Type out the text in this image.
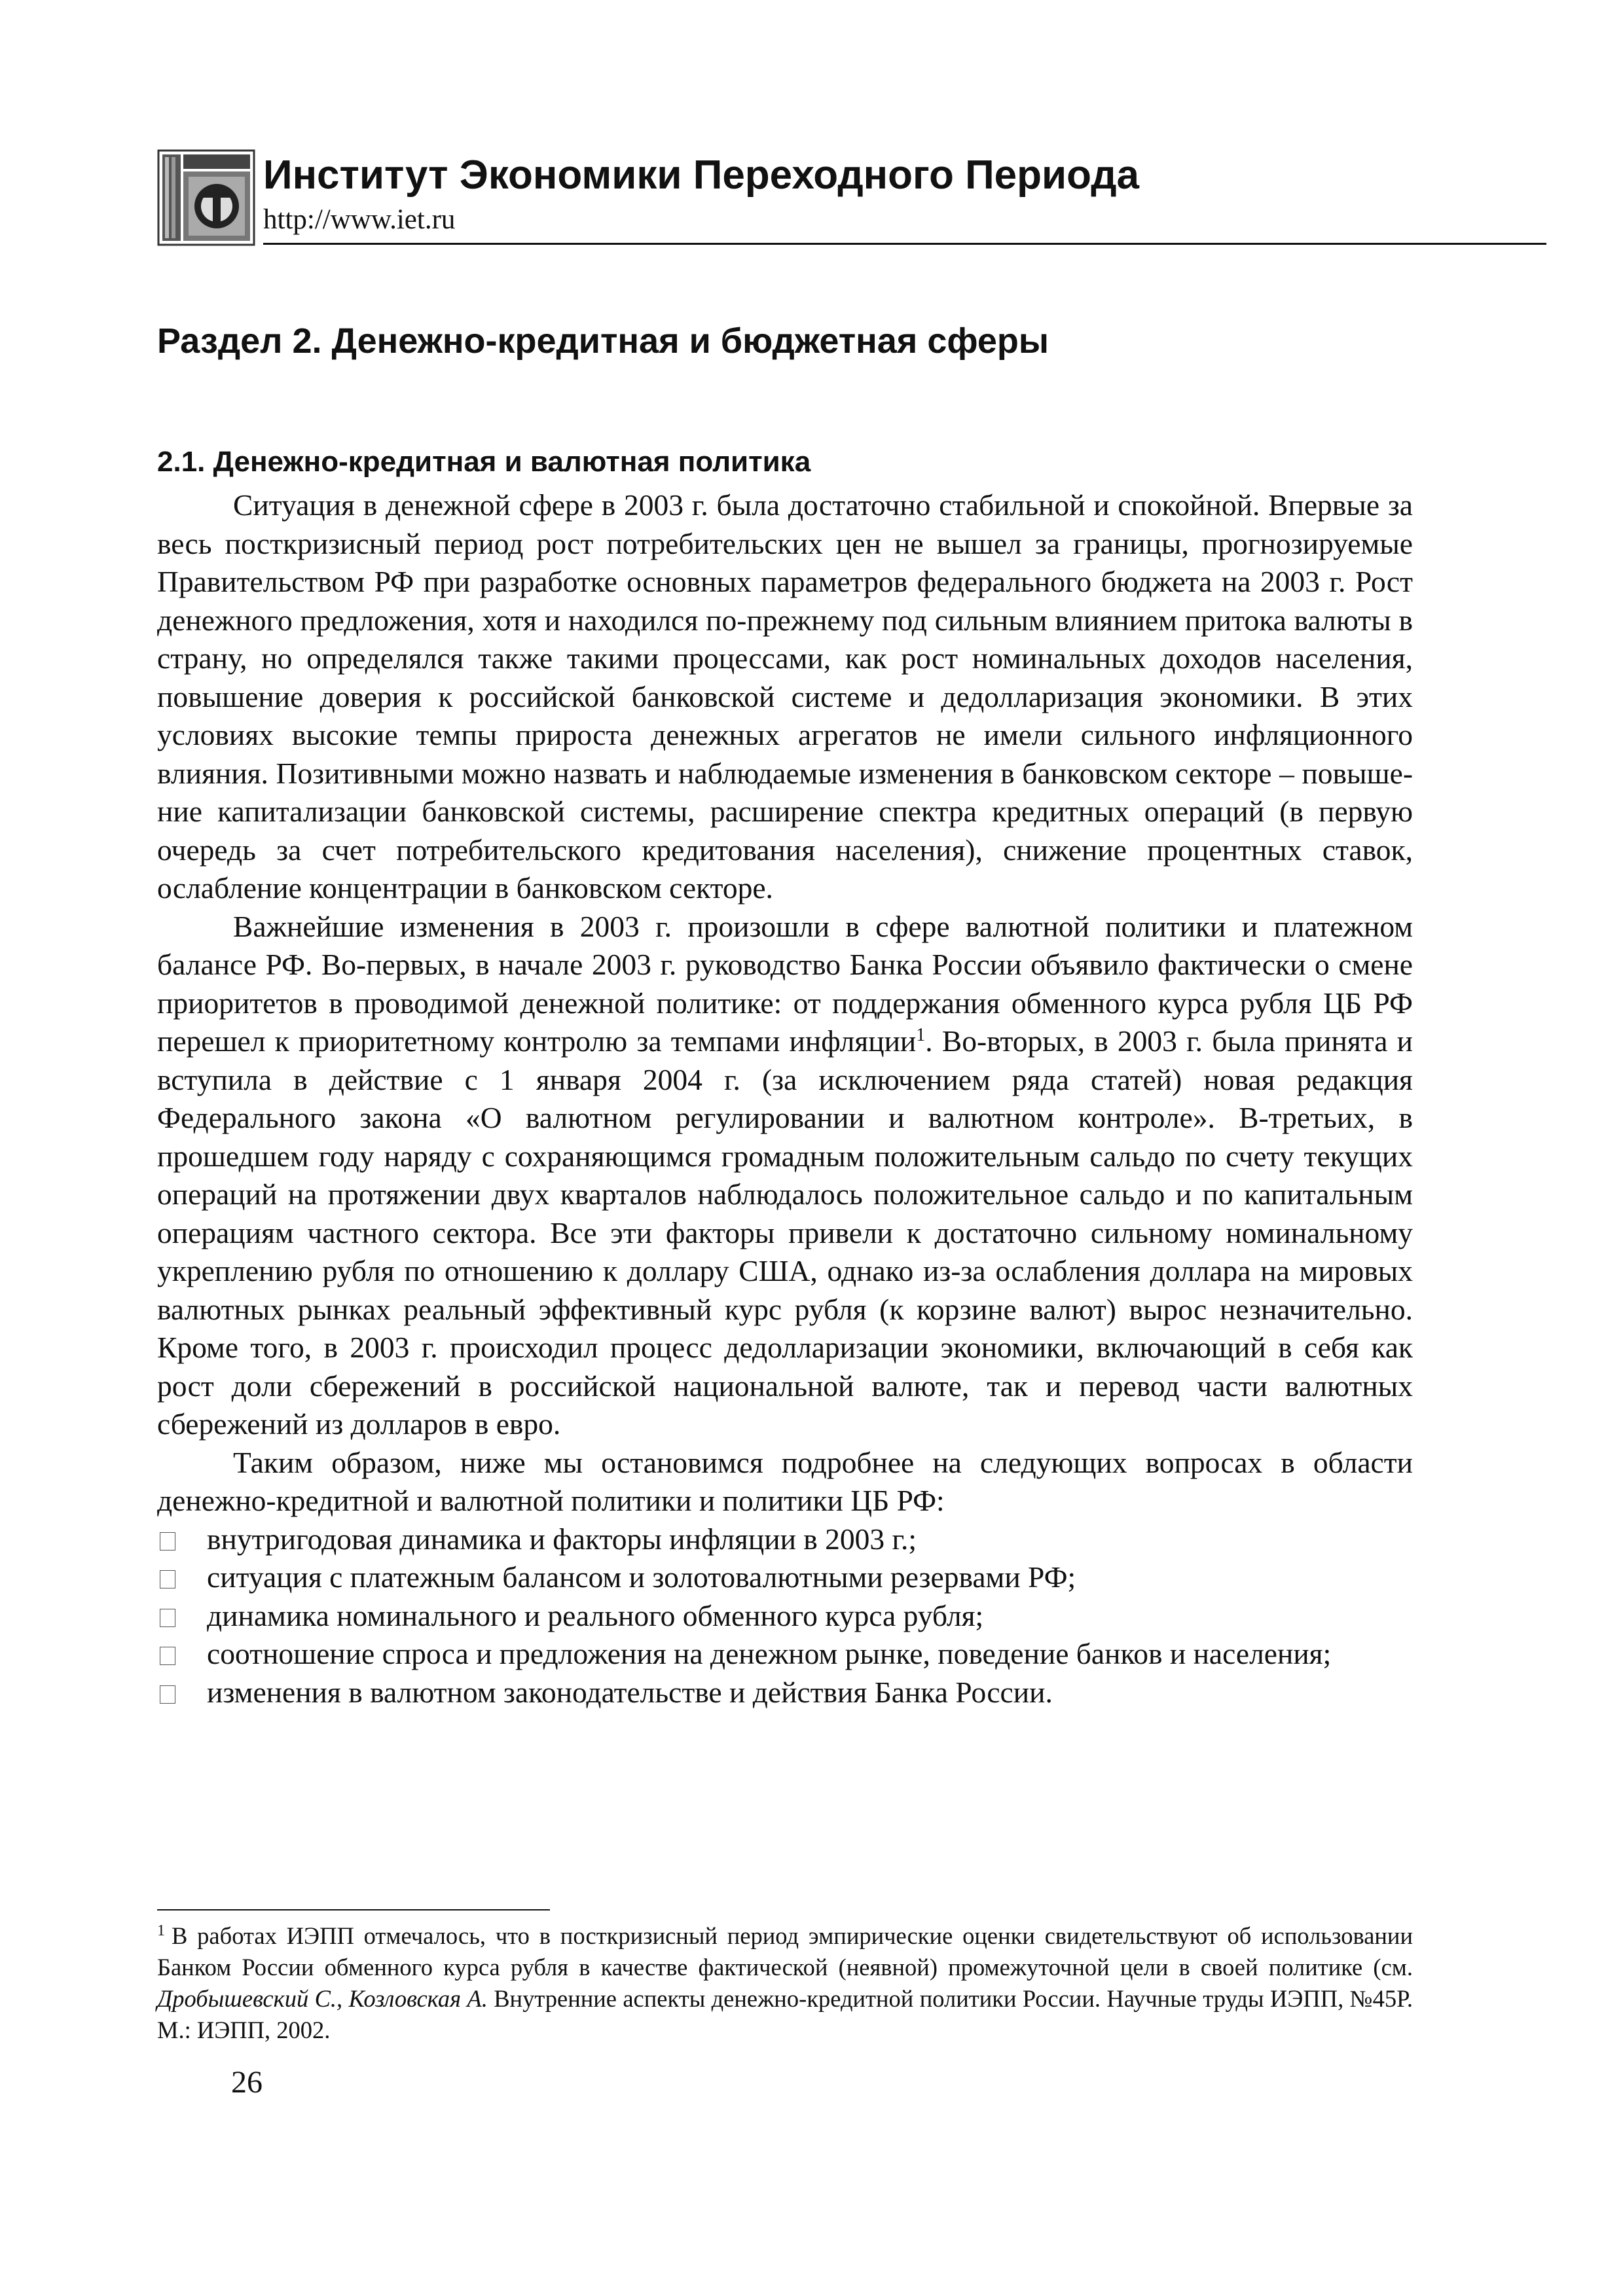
Институт Экономики Переходного Периода
http://www.iet.ru
Раздел 2. Денежно-кредитная и бюджетная сферы
2.1. Денежно-кредитная и валютная политика

Ситуация в денежной сфере в 2003 г. была достаточно стабильной и спокойной. Впервые за весь посткризисный период рост потребительских цен не вышел за границы, прогнозируемые Правительством РФ при разработке основных параметров федерального бюджета на 2003 г. Рост денежного предложения, хотя и находился по-прежнему под сильным влиянием притока валюты в страну, но определялся также такими процессами, как рост номинальных доходов населения, повышение доверия к российской банковской системе и дедолларизация экономики. В этих условиях высокие темпы прироста денежных агрегатов не имели сильного инфляционного влияния. Позитивными можно назвать и наблюдаемые изменения в банковском секторе – повышение капитализации банковской системы, расширение спектра кредитных операций (в первую очередь за счет потребительского кредитования населения), снижение процентных ставок, ослабление концентрации в банковском секторе.

Важнейшие изменения в 2003 г. произошли в сфере валютной политики и платежном балансе РФ. Во-первых, в начале 2003 г. руководство Банка России объявило фактически о смене приоритетов в проводимой денежной политике: от поддержания обменного курса рубля ЦБ РФ перешел к приоритетному контролю за темпами инфляции$^1$. Во-вторых, в 2003 г. была принята и вступила в действие с 1 января 2004 г. (за исключением ряда статей) новая редакция Федерального закона «О валютном регулировании и валютном контроле». В-третьих, в прошедшем году наряду с сохраняющимся громадным положительным сальдо по счету текущих операций на протяжении двух кварталов наблюдалось положительное сальдо и по капитальным операциям частного сектора. Все эти факторы привели к достаточно сильному номинальному укреплению рубля по отношению к доллару США, однако из-за ослабления доллара на мировых валютных рынках реальный эффективный курс рубля (к корзине валют) вырос незначительно. Кроме того, в 2003 г. происходил процесс дедолларизации экономики, включающий в себя как рост доли сбережений в российской национальной валюте, так и перевод части валютных сбережений из долларов в евро.

Таким образом, ниже мы остановимся подробнее на следующих вопросах в области денежно-кредитной и валютной политики и политики ЦБ РФ:

внутригодовая динамика и факторы инфляции в 2003 г.;
ситуация с платежным балансом и золотовалютными резервами РФ;
динамика номинального и реального обменного курса рубля;
соотношение спроса и предложения на денежном рынке, поведение банков и населения;
изменения в валютном законодательстве и действия Банка России.

$^1$ В работах ИЭПП отмечалось, что в посткризисный период эмпирические оценки свидетельствуют об использовании Банком России обменного курса рубля в качестве фактической (неявной) промежуточной цели в своей политике (см. Дробышевский С., Козловская А. Внутренние аспекты денежно-кредитной политики России. Научные труды ИЭПП, №45Р. М.: ИЭПП, 2002.

26
